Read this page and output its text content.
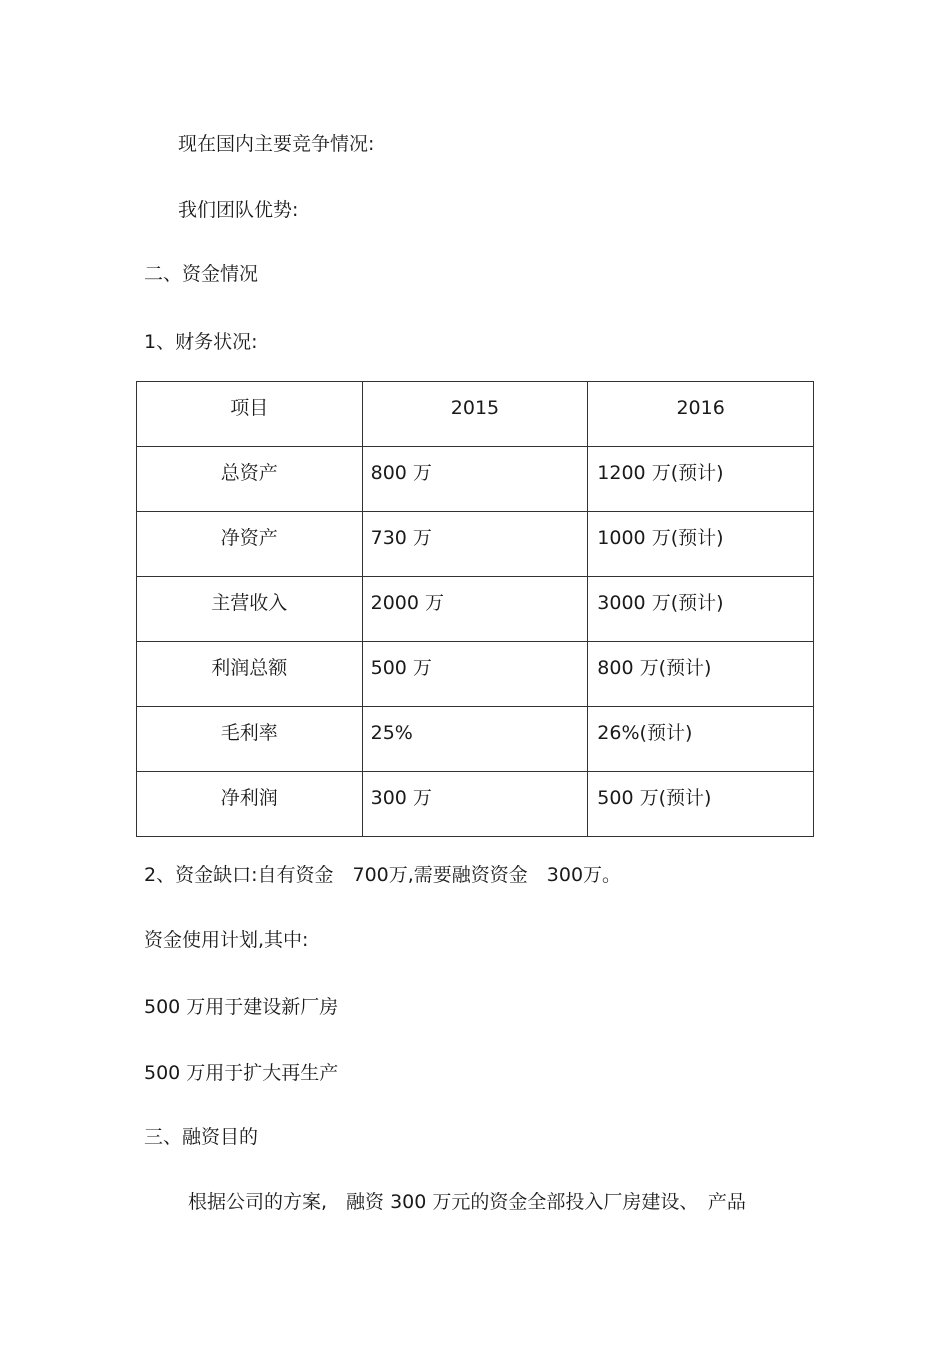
现在国内主要竞争情况:
我们团队优势:
二、资金情况
1、财务状况:
项目	2015	2016

总资产	800 万	1200 万(预计)

净资产	730 万	1000 万(预计)

主营收入	2000 万	3000 万(预计)

利润总额	500 万	800 万(预计)

毛利率	25%	26%(预计)

净利润	300 万	500 万(预计)
2、资金缺口:自有资金　700万,需要融资资金　300万。
资金使用计划,其中:
500 万用于建设新厂房
500 万用于扩大再生产
三、融资目的
根据公司的方案,　融资 300 万元的资金全部投入厂房建设、　产品
